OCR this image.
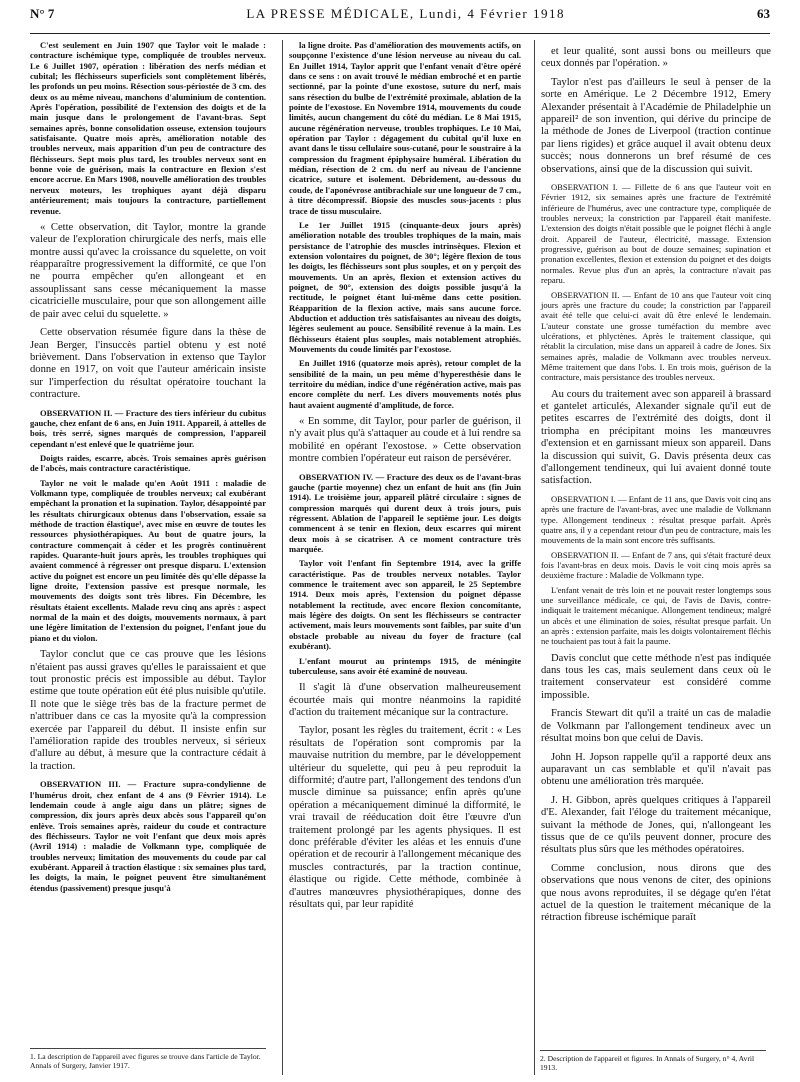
N° 7	LA PRESSE MÉDICALE, Lundi, 4 Février 1918	63

C'est seulement en Juin 1907 que Taylor voit le malade : contracture ischémique type, compliquée de troubles nerveux. Le 6 Juillet 1907, opération : libération des nerfs médian et cubital; les fléchisseurs superficiels sont complètement libérés, les profonds un peu moins. Résection sous-périostée de 3 cm. des deux os au même niveau, manchons d'aluminium de contention. Après l'opération, possibilité de l'extension des doigts et de la main jusque dans le prolongement de l'avant-bras. Sept semaines après, bonne consolidation osseuse, extension toujours satisfaisante. Quatre mois après, amélioration notable des troubles nerveux, mais apparition d'un peu de contracture des fléchisseurs. Sept mois plus tard, les troubles nerveux sont en bonne voie de guérison, mais la contracture en flexion s'est encore accrue. En Mars 1908, nouvelle amélioration des troubles nerveux moteurs, les trophiques ayant déjà disparu antérieurement; mais toujours la contracture, partiellement revenue.

« Cette observation, dit Taylor, montre la grande valeur de l'exploration chirurgicale des nerfs, mais elle montre aussi qu'avec la croissance du squelette, on voit réapparaître progressivement la difformité, ce que l'on ne pourra empêcher qu'en allongeant et en assouplissant sans cesse mécaniquement la masse cicatricielle musculaire, pour que son allongement aille de pair avec celui du squelette. »

Cette observation résumée figure dans la thèse de Jean Berger, l'insuccès partiel obtenu y est noté brièvement. Dans l'observation in extenso que Taylor donne en 1917, on voit que l'auteur américain insiste sur l'imperfection du résultat opératoire touchant la contracture.

OBSERVATION II. — Fracture des tiers inférieur du cubitus gauche, chez enfant de 6 ans, en Juin 1911. Appareil, à attelles de bois, très serré, signes marqués de compression, l'appareil cependant n'est enlevé que le quatrième jour.

Doigts raides, escarre, abcès. Trois semaines après guérison de l'abcès, mais contracture caractéristique.

Taylor ne voit le malade qu'en Août 1911 : maladie de Volkmann type, compliquée de troubles nerveux; cal exubérant empêchant la pronation et la supination. Taylor, désappointé par les résultats chirurgicaux obtenus dans l'observation, essaie sa méthode de traction élastique¹, avec mise en œuvre de toutes les ressources physiothérapiques. Au bout de quatre jours, la contracture commençait à céder et les progrès continuèrent rapides. Quarante-huit jours après, les troubles trophiques qui avaient commencé à régresser ont presque disparu. L'extension active du poignet est encore un peu limitée dès qu'elle dépasse la ligne droite, l'extension passive est presque normale, les mouvements des doigts sont très libres. Fin Décembre, les résultats étaient excellents. Malade revu cinq ans après : aspect normal de la main et des doigts, mouvements normaux, à part une légère limitation de l'extension du poignet, l'enfant joue du piano et du violon.

Taylor conclut que ce cas prouve que les lésions n'étaient pas aussi graves qu'elles le paraissaient et que tout pronostic précis est impossible au début. Taylor estime que toute opération eût été plus nuisible qu'utile. Il note que le siège très bas de la fracture permet de n'attribuer dans ce cas la myosite qu'à la compression exercée par l'appareil du début. Il insiste enfin sur l'amélioration rapide des troubles nerveux, si sérieux d'allure au début, à mesure que la contracture cédait à la traction.

OBSERVATION III. — Fracture supra-condylienne de l'humérus droit, chez enfant de 4 ans (9 Février 1914). Le lendemain coude à angle aigu dans un plâtre; signes de compression, dix jours après deux abcès sous l'appareil qu'on enlève. Trois semaines après, raideur du coude et contracture des fléchisseurs. Taylor ne voit l'enfant que deux mois après (Avril 1914) : maladie de Volkmann type, compliquée de troubles nerveux; limitation des mouvements du coude par cal exubérant. Appareil à traction élastique : six semaines plus tard, les doigts, la main, le poignet peuvent être simultanément étendus (passivement) presque jusqu'à

la ligne droite. Pas d'amélioration des mouvements actifs, on soupçonne l'existence d'une lésion nerveuse au niveau du cal. En Juillet 1914, Taylor apprit que l'enfant venait d'être opéré dans ce sens : on avait trouvé le médian embroché et en partie sectionné, par la pointe d'une exostose, suture du nerf, mais sans résection du bulbe de l'extrémité proximale, ablation de la pointe de l'exostose. En Novembre 1914, mouvements du coude limités, aucun changement du côté du médian. Le 8 Mai 1915, aucune régénération nerveuse, troubles trophiques. Le 10 Mai, opération par Taylor : dégagement du cubital qu'il luxe en avant dans le tissu cellulaire sous-cutané, pour le soustraire à la compression du fragment épiphysaire huméral. Libération du médian, résection de 2 cm. du nerf au niveau de l'ancienne cicatrice, suture et isolement. Débridement, au-dessous du coude, de l'aponévrose antibrachiale sur une longueur de 7 cm., à titre décompressif. Biopsie des muscles sous-jacents : plus trace de tissu musculaire.

Le 1er Juillet 1915 (cinquante-deux jours après) amélioration notable des troubles trophiques de la main, mais persistance de l'atrophie des muscles intrinsèques. Flexion et extension volontaires du poignet, de 30°; légère flexion de tous les doigts, les fléchisseurs sont plus souples, et on y perçoit des mouvements. Un an après, flexion et extension actives du poignet, de 90°, extension des doigts possible jusqu'à la rectitude, le poignet étant lui-même dans cette position. Réapparition de la flexion active, mais sans aucune force. Abduction et adduction très satisfaisantes au niveau des doigts, légères seulement au pouce. Sensibilité revenue à la main. Les fléchisseurs étaient plus souples, mais notablement atrophiés. Mouvements du coude limités par l'exostose.

En Juillet 1916 (quatorze mois après), retour complet de la sensibilité de la main, un peu même d'hyperesthésie dans le territoire du médian, indice d'une régénération active, mais pas encore complète du nerf. Les divers mouvements notés plus haut avaient augmenté d'amplitude, de force.

« En somme, dit Taylor, pour parler de guérison, il n'y avait plus qu'à s'attaquer au coude et à lui rendre sa mobilité en opérant l'exostose. » Cette observation montre combien l'opérateur eut raison de persévérer.

OBSERVATION IV. — Fracture des deux os de l'avant-bras gauche (partie moyenne) chez un enfant de huit ans (fin Juin 1914). Le troisième jour, appareil plâtré circulaire : signes de compression marqués qui durent deux à trois jours, puis régressent. Ablation de l'appareil le septième jour. Les doigts commencent à se tenir en flexion, deux escarres qui mirent deux mois à se cicatriser. A ce moment contracture très marquée.

Taylor voit l'enfant fin Septembre 1914, avec la griffe caractéristique. Pas de troubles nerveux notables. Taylor commence le traitement avec son appareil, le 25 Septembre 1914. Deux mois après, l'extension du poignet dépasse notablement la rectitude, avec encore flexion concomitante, mais légère des doigts. On sent les fléchisseurs se contracter activement, mais leurs mouvements sont faibles, par suite d'un obstacle probable au niveau du foyer de fracture (cal exubérant).

L'enfant mourut au printemps 1915, de méningite tuberculeuse, sans avoir été examiné de nouveau.

Il s'agit là d'une observation malheureusement écourtée mais qui montre néanmoins la rapidité d'action du traitement mécanique sur la contracture.

Taylor, posant les règles du traitement, écrit : « Les résultats de l'opération sont compromis par la mauvaise nutrition du membre, par le développement ultérieur du squelette, qui peu à peu reproduit la difformité; d'autre part, l'allongement des tendons d'un muscle diminue sa puissance; enfin après qu'une opération a mécaniquement diminué la difformité, le vrai travail de rééducation doit être l'œuvre d'un traitement prolongé par les agents physiques. Il est donc préférable d'éviter les aléas et les ennuis d'une opération et de recourir à l'allongement mécanique des muscles contracturés, par la traction continue, élastique ou rigide. Cette méthode, combinée à d'autres manœuvres physiothérapiques, donne des résultats qui, par leur rapidité

et leur qualité, sont aussi bons ou meilleurs que ceux donnés par l'opération. »

Taylor n'est pas d'ailleurs le seul à penser de la sorte en Amérique. Le 2 Décembre 1912, Emery Alexander présentait à l'Académie de Philadelphie un appareil² de son invention, qui dérive du principe de la méthode de Jones de Liverpool (traction continue par liens rigides) et grâce auquel il avait obtenu deux succès; nous donnerons un bref résumé de ces observations, ainsi que de la discussion qui suivit.

OBSERVATION I. — Fillette de 6 ans que l'auteur voit en Février 1912, six semaines après une fracture de l'extrémité inférieure de l'humérus, avec une contracture type, compliquée de troubles nerveux; la constriction par l'appareil était manifeste. L'extension des doigts n'était possible que le poignet fléchi à angle droit. Appareil de l'auteur, électricité, massage. Extension progressive, guérison au bout de douze semaines; supination et pronation excellentes, flexion et extension du poignet et des doigts normales. Revue plus d'un an après, la contracture n'avait pas reparu.

OBSERVATION II. — Enfant de 10 ans que l'auteur voit cinq jours après une fracture du coude; la constriction par l'appareil avait été telle que celui-ci avait dû être enlevé le lendemain. L'auteur constate une grosse tuméfaction du membre avec ulcérations, et phlyctènes. Après le traitement classique, qui rétablit la circulation, mise dans un appareil à cadre de Jones. Six semaines après, maladie de Volkmann avec troubles nerveux. Même traitement que dans l'obs. I. En trois mois, guérison de la contracture, mais persistance des troubles nerveux.

Au cours du traitement avec son appareil à brassard et gantelet articulés, Alexander signale qu'il eut de petites escarres de l'extrémité des doigts, dont il triompha en précipitant moins les manœuvres d'extension et en garnissant mieux son appareil. Dans la discussion qui suivit, G. Davis présenta deux cas d'allongement tendineux, qui lui avaient donné toute satisfaction.

OBSERVATION I. — Enfant de 11 ans, que Davis voit cinq ans après une fracture de l'avant-bras, avec une maladie de Volkmann type. Allongement tendineux : résultat presque parfait. Après quatre ans, il y a cependant retour d'un peu de contracture, mais les mouvements de la main sont encore très suffisants.

OBSERVATION II. — Enfant de 7 ans, qui s'était fracturé deux fois l'avant-bras en deux mois. Davis le voit cinq mois après sa deuxième fracture : Maladie de Volkmann type.

L'enfant venait de très loin et ne pouvait rester longtemps sous une surveillance médicale, ce qui, de l'avis de Davis, contre-indiquait le traitement mécanique. Allongement tendineux; malgré un abcès et une élimination de soies, résultat presque parfait. Un an après : extension parfaite, mais les doigts volontairement fléchis ne touchaient pas tout à fait la paume.

Davis conclut que cette méthode n'est pas indiquée dans tous les cas, mais seulement dans ceux où le traitement conservateur est considéré comme impossible.

Francis Stewart dit qu'il a traité un cas de maladie de Volkmann par l'allongement tendineux avec un résultat moins bon que celui de Davis.

John H. Jopson rappelle qu'il a rapporté deux ans auparavant un cas semblable et qu'il n'avait pas obtenu une amélioration très marquée.

J. H. Gibbon, après quelques critiques à l'appareil d'E. Alexander, fait l'éloge du traitement mécanique, suivant la méthode de Jones, qui, n'allongeant les tissus que de ce qu'ils peuvent donner, procure des résultats plus sûrs que les méthodes opératoires.

Comme conclusion, nous dirons que des observations que nous venons de citer, des opinions que nous avons reproduites, il se dégage qu'en l'état actuel de la question le traitement mécanique de la rétraction fibreuse ischémique paraît

1. La description de l'appareil avec figures se trouve dans l'article de Taylor. Annals of Surgery, Janvier 1917.
2. Description de l'appareil et figures. In Annals of Surgery, n° 4, Avril 1913.
